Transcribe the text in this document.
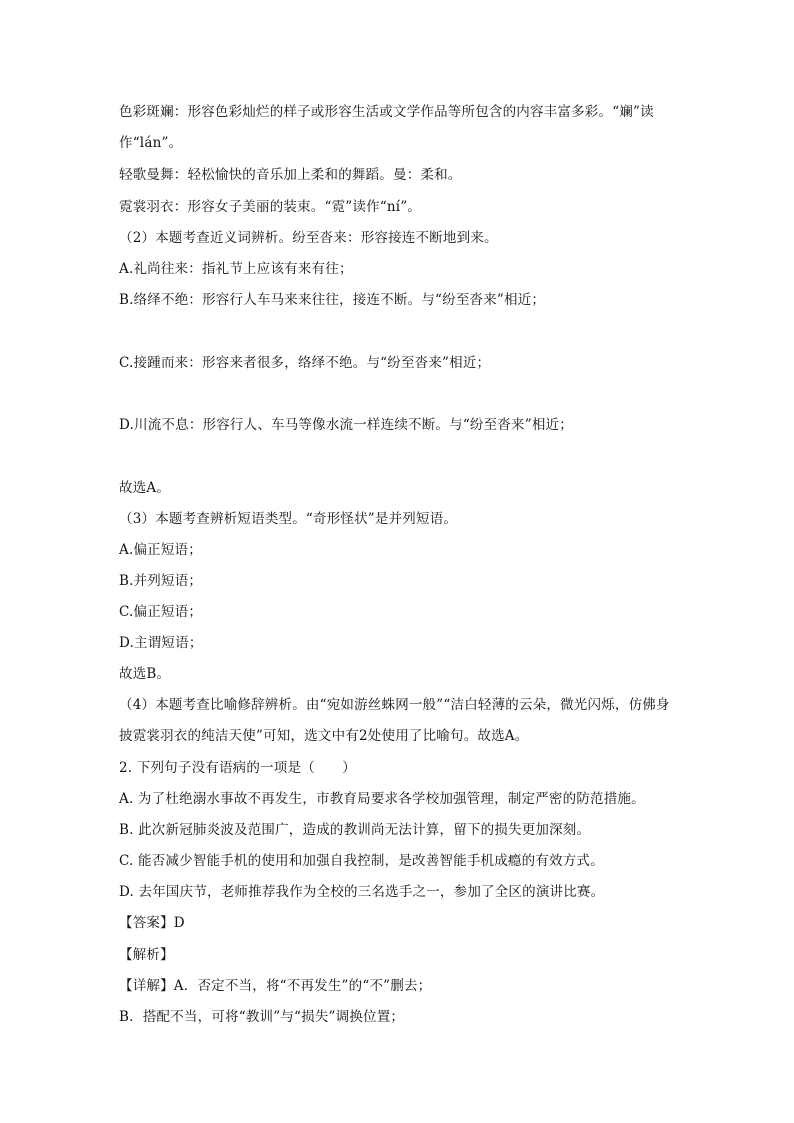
色彩斑斓：形容色彩灿烂的样子或形容生活或文学作品等所包含的内容丰富多彩。“斓”读
作“lán”。
轻歌曼舞：轻松愉快的音乐加上柔和的舞蹈。曼：柔和。
霓裳羽衣：形容女子美丽的装束。“霓”读作“ní”。
（2）本题考查近义词辨析。纷至沓来：形容接连不断地到来。
A.礼尚往来：指礼节上应该有来有往；
B.络绎不绝：形容行人车马来来往往，接连不断。与“纷至沓来”相近；
C.接踵而来：形容来者很多，络绎不绝。与“纷至沓来”相近；
D.川流不息：形容行人、车马等像水流一样连续不断。与“纷至沓来”相近；
故选A。
（3）本题考查辨析短语类型。“奇形怪状”是并列短语。
A.偏正短语；
B.并列短语；
C.偏正短语；
D.主谓短语；
故选B。
（4）本题考查比喻修辞辨析。由“宛如游丝蛛网一般”“洁白轻薄的云朵，微光闪烁，仿佛身披霓裳羽衣的纯洁天使”可知，选文中有2处使用了比喻句。故选A。
2. 下列句子没有语病的一项是（　　）
A. 为了杜绝溺水事故不再发生，市教育局要求各学校加强管理，制定严密的防范措施。
B. 此次新冠肺炎波及范围广，造成的教训尚无法计算，留下的损失更加深刻。
C. 能否减少智能手机的使用和加强自我控制，是改善智能手机成瘾的有效方式。
D. 去年国庆节，老师推荐我作为全校的三名选手之一，参加了全区的演讲比赛。
【答案】D
【解析】
【详解】A．否定不当，将“不再发生”的“不”删去；
B．搭配不当，可将“教训”与“损失”调换位置；
